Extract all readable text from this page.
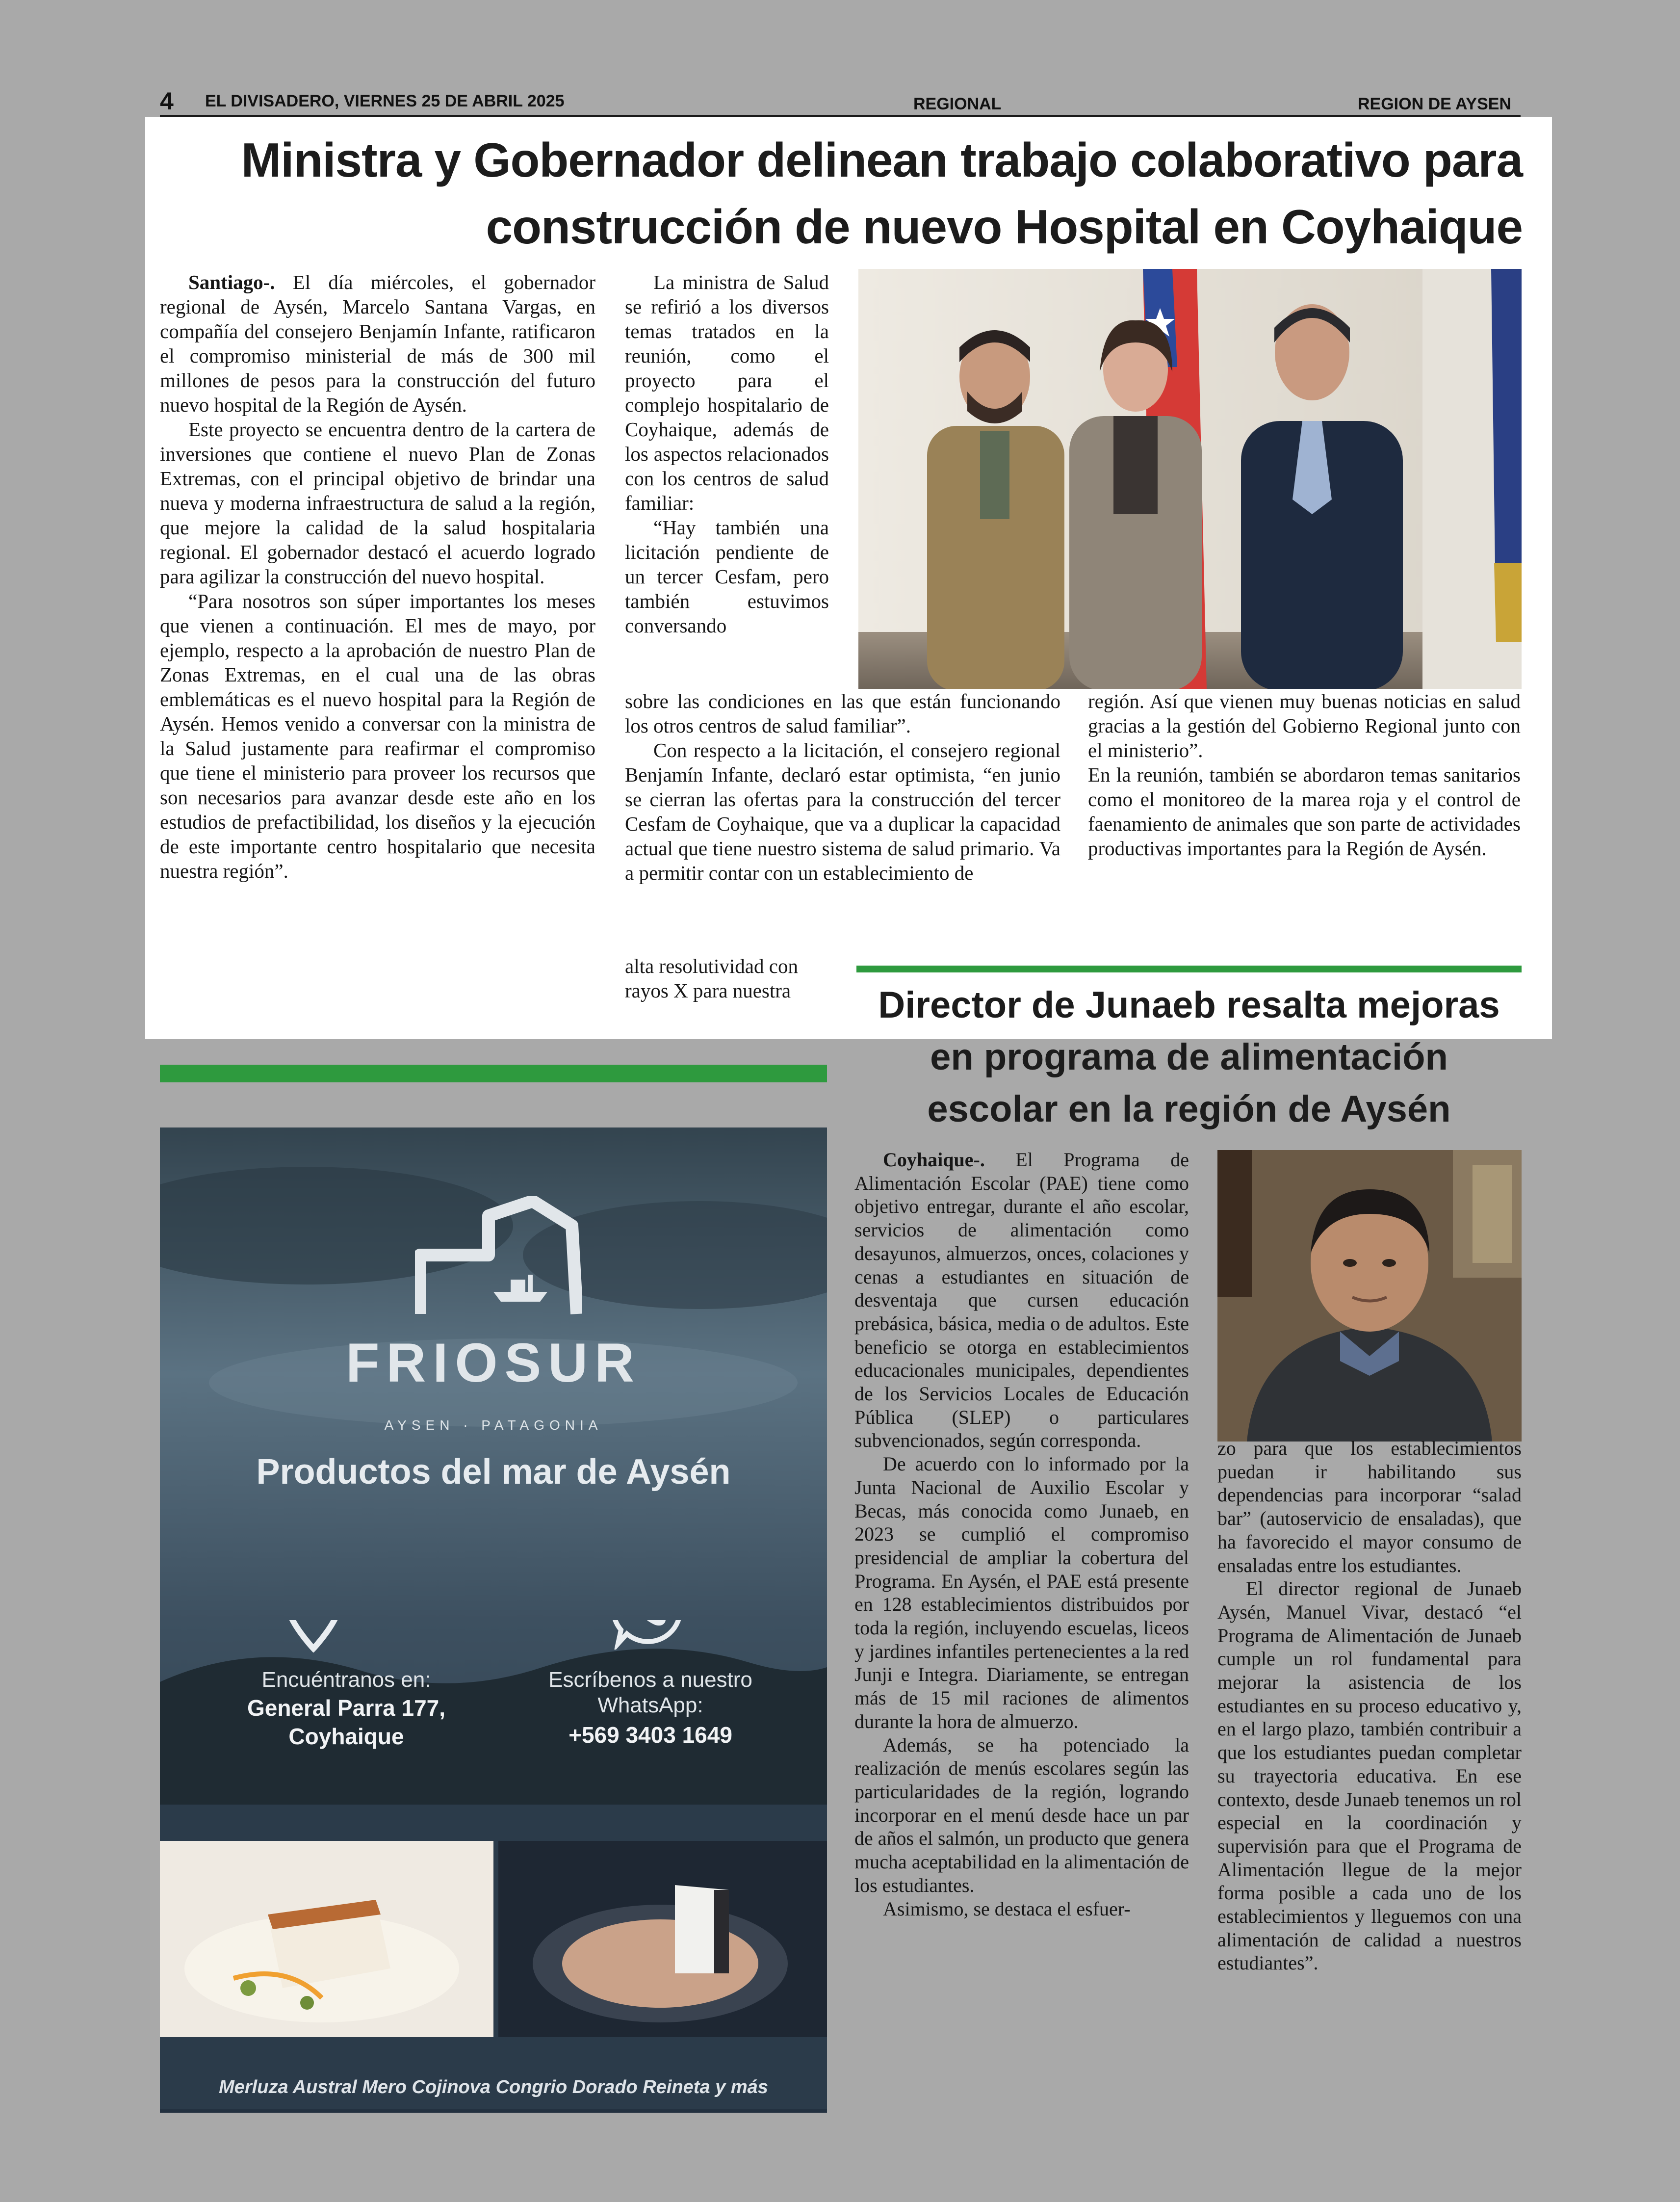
4 EL DIVISADERO, VIERNES 25 DE ABRIL 2025	REGIONAL	REGION DE AYSEN
Ministra y Gobernador delinean trabajo colaborativo para
construcción de nuevo Hospital en Coyhaique

Santiago-. El día miércoles, el gobernador regional de Aysén, Marcelo Santana Vargas, en compañía del consejero Benjamín Infante, ratificaron el compromiso ministerial de más de 300 mil millones de pesos para la construcción del futuro nuevo hospital de la Región de Aysén.

Este proyecto se encuentra dentro de la cartera de inversiones que contiene el nuevo Plan de Zonas Extremas, con el principal objetivo de brindar una nueva y moderna infraestructura de salud a la región, que mejore la calidad de la salud hospitalaria regional. El gobernador destacó el acuerdo logrado para agilizar la construcción del nuevo hospital.

“Para nosotros son súper importantes los meses que vienen a continuación. El mes de mayo, por ejemplo, respecto a la aprobación de nuestro Plan de Zonas Extremas, en el cual una de las obras emblemáticas es el nuevo hospital para la Región de Aysén. Hemos venido a conversar con la ministra de la Salud justamente para reafirmar el compromiso que tiene el ministerio para proveer los recursos que son necesarios para avanzar desde este año en los estudios de prefactibilidad, los diseños y la ejecución de este importante centro hospitalario que necesita nuestra región”.

La ministra de Salud se refirió a los diversos temas tratados en la reunión, como el proyecto para el complejo hospitalario de Coyhaique, además de los aspectos relacionados con los centros de salud familiar:

“Hay también una licitación pendiente de un tercer Cesfam, pero también estuvimos conversando

sobre las condiciones en las que están funcionando los otros centros de salud familiar”.

Con respecto a la licitación, el consejero regional Benjamín Infante, declaró estar optimista, “en junio se cierran las ofertas para la construcción del tercer Cesfam de Coyhaique, que va a duplicar la capacidad actual que tiene nuestro sistema de salud primario. Va a permitir contar con un establecimiento de

alta resolutividad con rayos X para nuestra

región. Así que vienen muy buenas noticias en salud gracias a la gestión del Gobierno Regional junto con el ministerio”.

En la reunión, también se abordaron temas sanitarios como el monitoreo de la marea roja y el control de faenamiento de animales que son parte de actividades productivas importantes para la Región de Aysén.

Director de Junaeb resalta mejoras
en programa de alimentación
escolar en la región de Aysén

Coyhaique-. El Programa de Alimentación Escolar (PAE) tiene como objetivo entregar, durante el año escolar, servicios de alimentación como desayunos, almuerzos, onces, colaciones y cenas a estudiantes en situación de desventaja que cursen educación prebásica, básica, media o de adultos. Este beneficio se otorga en establecimientos educacionales municipales, dependientes de los Servicios Locales de Educación Pública (SLEP) o particulares subvencionados, según corresponda.

De acuerdo con lo informado por la Junta Nacional de Auxilio Escolar y Becas, más conocida como Junaeb, en 2023 se cumplió el compromiso presidencial de ampliar la cobertura del Programa. En Aysén, el PAE está presente en 128 establecimientos distribuidos por toda la región, incluyendo escuelas, liceos y jardines infantiles pertenecientes a la red Junji e Integra. Diariamente, se entregan más de 15 mil raciones de alimentos durante la hora de almuerzo.

Además, se ha potenciado la realización de menús escolares según las particularidades de la región, logrando incorporar en el menú desde hace un par de años el salmón, un producto que genera mucha aceptabilidad en la alimentación de los estudiantes.

Asimismo, se destaca el esfuer-

zo para que los establecimientos puedan ir habilitando sus dependencias para incorporar “salad bar” (autoservicio de ensaladas), que ha favorecido el mayor consumo de ensaladas entre los estudiantes.

El director regional de Junaeb Aysén, Manuel Vivar, destacó “el Programa de Alimentación de Junaeb cumple un rol fundamental para mejorar la asistencia de los estudiantes en su proceso educativo y, en el largo plazo, también contribuir a que los estudiantes puedan completar su trayectoria educativa. En ese contexto, desde Junaeb tenemos un rol especial en la coordinación y supervisión para que el Programa de Alimentación llegue de la mejor forma posible a cada uno de los establecimientos y lleguemos con una alimentación de calidad a nuestros estudiantes”.

FRIOSUR
AYSEN · PATAGONIA
Productos del mar de Aysén
Encuéntranos en:
General Parra 177, Coyhaique
Escríbenos a nuestro WhatsApp:
+569 3403 1649
Merluza Austral Mero Cojinova Congrio Dorado Reineta y más
